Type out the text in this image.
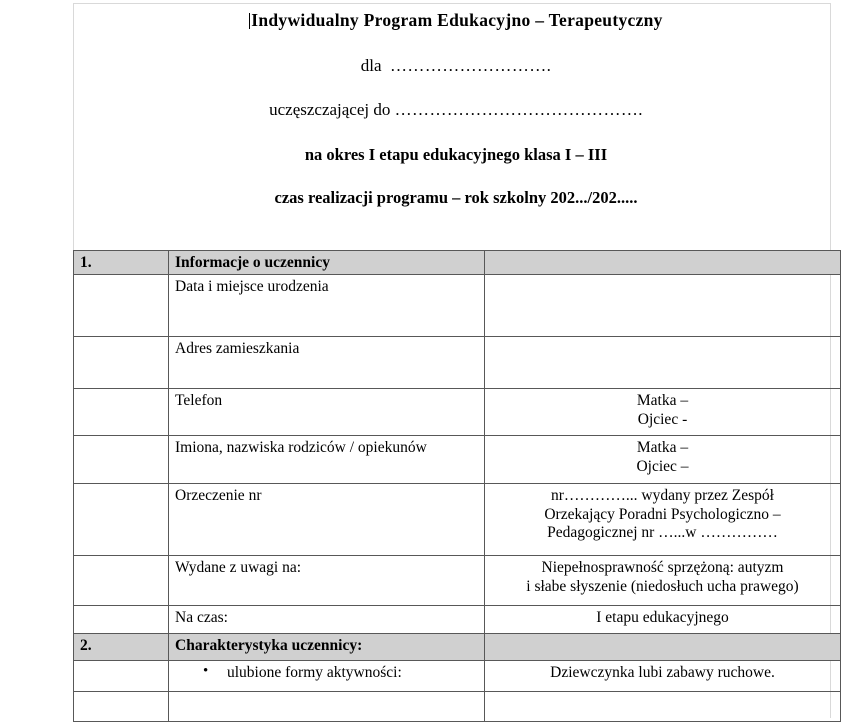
Indywidualny Program Edukacyjno – Terapeutyczny
dla ……………………….
uczęszczającej do …………………………………….
na okres I etapu edukacyjnego klasa I – III
czas realizacji programu – rok szkolny 202.../202.....
1.	Informacje o uczennicy	
	Data i miejsce urodzenia	
	Adres zamieszkania	
	Telefon	Matka –
Ojciec -

	Imiona, nazwiska rodziców / opiekunów	Matka –
Ojciec –

	Orzeczenie nr	nr…………... wydany przez Zespół
Orzekający Poradni Psychologiczno –
Pedagogicznej nr …...w ……………

	Wydane z uwagi na:	Niepełnosprawność sprzężoną: autyzm
i słabe słyszenie (niedosłuch ucha prawego)

	Na czas:	I etapu edukacyjnego

2.	Charakterystyka uczennicy:	

	• ulubione formy aktywności:	Dziewczynka lubi zabawy ruchowe.
